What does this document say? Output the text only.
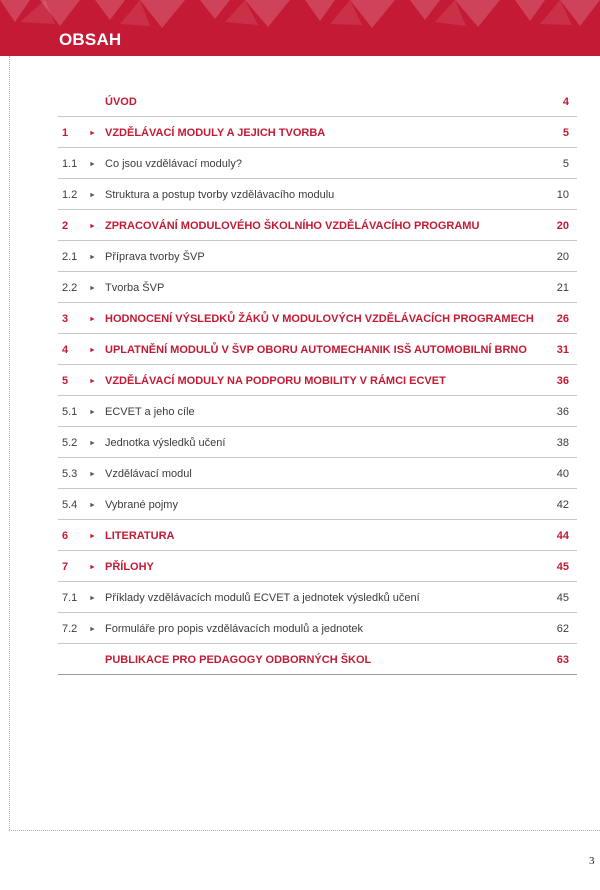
OBSAH
ÚVOD	4
1	► VZDĚLÁVACÍ MODULY A JEJICH TVORBA	5
1.1 ► Co jsou vzdělávací moduly?	5
1.2 ► Struktura a postup tvorby vzdělávacího modulu	10
2	► ZPRACOVÁNÍ MODULOVÉHO ŠKOLNÍHO VZDĚLÁVACÍHO PROGRAMU	20
2.1 ► Příprava tvorby ŠVP	20
2.2 ► Tvorba ŠVP	21
3	► HODNOCENÍ VÝSLEDKŮ ŽÁKŮ V MODULOVÝCH VZDĚLÁVACÍCH PROGRAMECH 26
4	► UPLATNĚNÍ MODULŮ V ŠVP OBORU AUTOMECHANIK ISŠ AUTOMOBILNÍ BRNO	31
5	► VZDĚLÁVACÍ MODULY NA PODPORU MOBILITY V RÁMCI ECVET	36
5.1 ► ECVET a jeho cíle	36
5.2 ► Jednotka výsledků učení	38
5.3 ► Vzdělávací modul	40
5.4 ► Vybrané pojmy	42
6	► LITERATURA	44
7	► PŘÍLOHY	45
7.1 ► Příklady vzdělávacích modulů ECVET a jednotek výsledků učení	45
7.2 ► Formuláře pro popis vzdělávacích modulů a jednotek	62
PUBLIKACE PRO PEDAGOGY ODBORNÝCH ŠKOL	63
3
